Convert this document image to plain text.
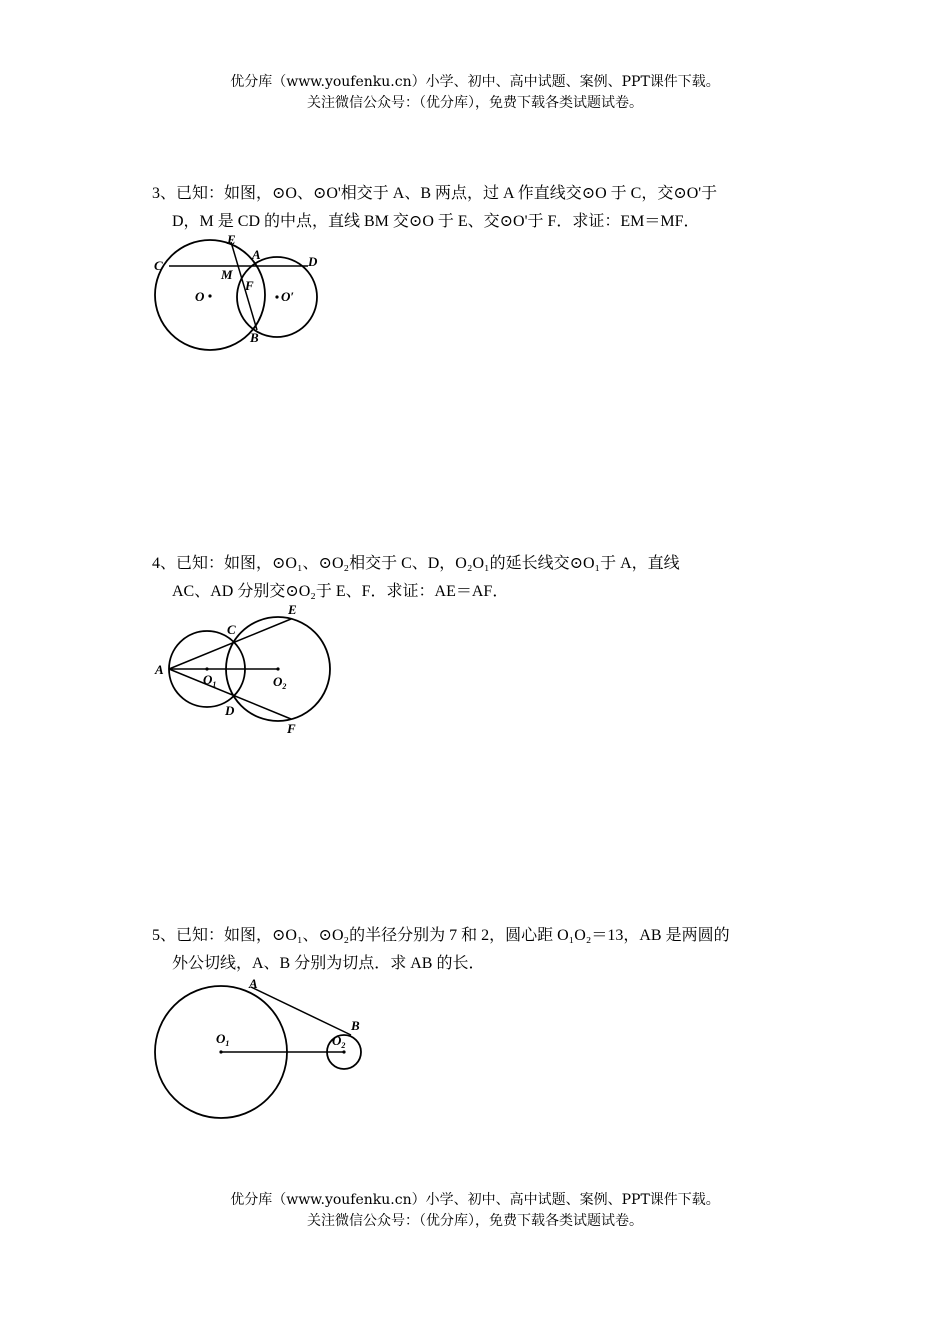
优分库（www.youfenku.cn）小学、初中、高中试题、案例、PPT课件下载。
关注微信公众号：（优分库），免费下载各类试题试卷。
3、已知：如图，⊙O、⊙O'相交于 A、B 两点，过 A 作直线交⊙O 于 C，交⊙O'于
D，M 是 CD 的中点，直线 BM 交⊙O 于 E、交⊙O'于 F．求证：EM＝MF．
C
E
A	D
M
F
O	O′
B
4、已知：如图，⊙O₁、⊙O₂相交于 C、D，O₂O₁的延长线交⊙O₁于 A，直线
AC、AD 分别交⊙O₂于 E、F．求证：AE＝AF．
A
C
E
$O_1$	$O_2$
D
F
5、已知：如图，⊙O₁、⊙O₂的半径分别为 7 和 2，圆心距 O₁O₂＝13，AB 是两圆的
外公切线，A、B 分别为切点．求 AB 的长．
A
B
$O_1$	$O_2$
优分库（www.youfenku.cn）小学、初中、高中试题、案例、PPT课件下载。
关注微信公众号：（优分库），免费下载各类试题试卷。
